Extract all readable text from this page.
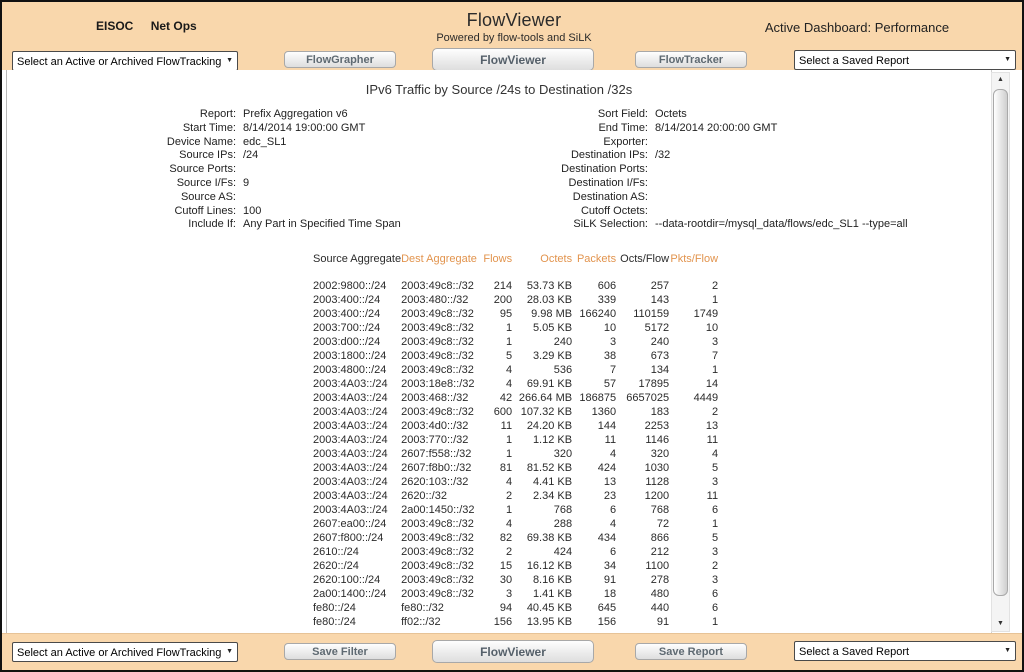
EISOC Net Ops	FlowViewer
Powered by flow-tools and SiLK
Active Dashboard: Performance
Select an Active or Archived FlowTracking
▼	FlowGrapher	FlowViewer	FlowTracker
Select a Saved Report	▼
IPv6 Traffic by Source /24s to Destination /32s
Report: Prefix Aggregation v6
Start Time: 8/14/2014 19:00:00 GMT
Device Name: edc_SL1
Source IPs: /24
Source Ports:
Source I/Fs: 9
Source AS:
Cutoff Lines: 100
Include If: Any Part in Specified Time Span
Sort Field: Octets
End Time: 8/14/2014 20:00:00 GMT
Exporter:
Destination IPs: /32
Destination Ports:
Destination I/Fs:
Destination AS:
Cutoff Octets:
SiLK Selection: --data-rootdir=/mysql_data/flows/edc_SL1 --type=all
Source Aggregate	Dest Aggregate	Flows	Octets	Packets	Octs/Flow	Pkts/Flow
2002:9800::/24	2003:49c8::/32	214	53.73 KB	606	257	2
2003:400::/24	2003:480::/32	200	28.03 KB	339	143	1
2003:400::/24	2003:49c8::/32	95	9.98 MB	166240	110159	1749
2003:700::/24	2003:49c8::/32	1	5.05 KB	10	5172	10
2003:d00::/24	2003:49c8::/32	1	240	3	240	3
2003:1800::/24	2003:49c8::/32	5	3.29 KB	38	673	7
2003:4800::/24	2003:49c8::/32	4	536	7	134	1
2003:4A03::/24	2003:18e8::/32	4	69.91 KB	57	17895	14
2003:4A03::/24	2003:468::/32	42	266.64 MB	186875	6657025	4449
2003:4A03::/24	2003:49c8::/32	600	107.32 KB	1360	183	2
2003:4A03::/24	2003:4d0::/32	11	24.20 KB	144	2253	13
2003:4A03::/24	2003:770::/32	1	1.12 KB	11	1146	11
2003:4A03::/24	2607:f558::/32	1	320	4	320	4
2003:4A03::/24	2607:f8b0::/32	81	81.52 KB	424	1030	5
2003:4A03::/24	2620:103::/32	4	4.41 KB	13	1128	3
2003:4A03::/24	2620::/32	2	2.34 KB	23	1200	11
2003:4A03::/24	2a00:1450::/32	1	768	6	768	6
2607:ea00::/24	2003:49c8::/32	4	288	4	72	1
2607:f800::/24	2003:49c8::/32	82	69.38 KB	434	866	5
2610::/24	2003:49c8::/32	2	424	6	212	3
2620::/24	2003:49c8::/32	15	16.12 KB	34	1100	2
2620:100::/24	2003:49c8::/32	30	8.16 KB	91	278	3
2a00:1400::/24	2003:49c8::/32	3	1.41 KB	18	480	6
fe80::/24	fe80::/32	94	40.45 KB	645	440	6
fe80::/24	ff02::/32	156	13.95 KB	156	91	1
▲
▼
Select an Active or Archived FlowTracking
▼	Save Filter	FlowViewer	Save Report
Select a Saved Report	▼
